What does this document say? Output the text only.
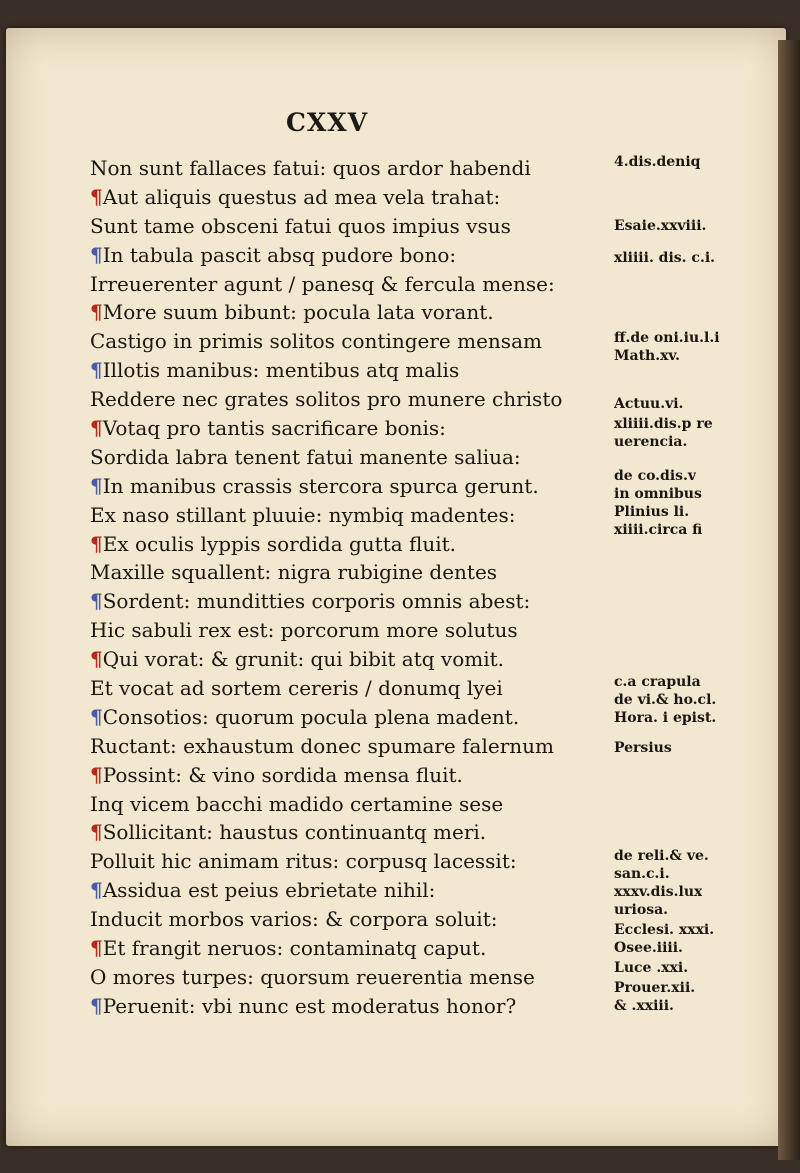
CXXV
Non sunt fallaces fatui: quos ardor habendi
¶Aut aliquis questus ad mea vela trahat:
Sunt tame obsceni fatui quos impius vsus
¶In tabula pascit absq pudore bono:
Irreuerenter agunt / panesq & fercula mense:
¶More suum bibunt: pocula lata vorant.
Castigo in primis solitos contingere mensam
¶Illotis manibus: mentibus atq malis
Reddere nec grates solitos pro munere christo
¶Votaq pro tantis sacrificare bonis:
Sordida labra tenent fatui manente saliua:
¶In manibus crassis stercora spurca gerunt.
Ex naso stillant pluuie: nymbiq madentes:
¶Ex oculis lyppis sordida gutta fluit.
Maxille squallent: nigra rubigine dentes
¶Sordent: munditties corporis omnis abest:
Hic sabuli rex est: porcorum more solutus
¶Qui vorat: & grunit: qui bibit atq vomit.
Et vocat ad sortem cereris / donumq lyei
¶Consotios: quorum pocula plena madent.
Ructant: exhaustum donec spumare falernum
¶Possint: & vino sordida mensa fluit.
Inq vicem bacchi madido certamine sese
¶Sollicitant: haustus continuantq meri.
Polluit hic animam ritus: corpusq lacessit:
¶Assidua est peius ebrietate nihil:
Inducit morbos varios: & corpora soluit:
¶Et frangit neruos: contaminatq caput.
O mores turpes: quorsum reuerentia mense
¶Peruenit: vbi nunc est moderatus honor?
4.dis.deniq
Esaie.xxviii.
xliiii. dis. c.i.
ff.de oni.iu.l.i
Math.xv.
Actuu.vi.
xliiii.dis.p re
uerencia.
de co.dis.v
in omnibus
Plinius li.
xiiii.circa fi
c.a crapula
de vi.& ho.cl.
Hora. i epist.
Persius
de reli.& ve.
san.c.i.
xxxv.dis.lux
uriosa.
Ecclesi. xxxi.
Osee.iiii.
Luce .xxi.
Prouer.xii.
& .xxiii.
